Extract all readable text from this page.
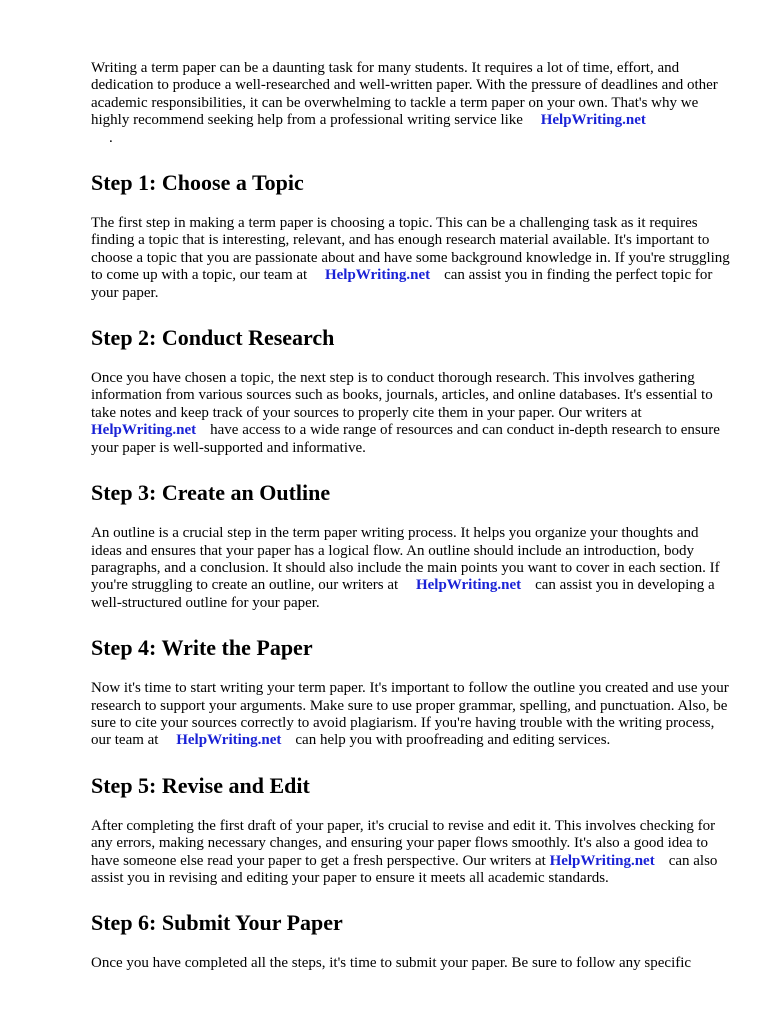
Writing a term paper can be a daunting task for many students. It requires a lot of time, effort, and dedication to produce a well-researched and well-written paper. With the pressure of deadlines and other academic responsibilities, it can be overwhelming to tackle a term paper on your own. That's why we highly recommend seeking help from a professional writing service like HelpWriting.net
.

Step 1: Choose a Topic

The first step in making a term paper is choosing a topic. This can be a challenging task as it requires finding a topic that is interesting, relevant, and has enough research material available. It's important to choose a topic that you are passionate about and have some background knowledge in. If you're struggling to come up with a topic, our team at HelpWriting.net can assist you in finding the perfect topic for your paper.

Step 2: Conduct Research

Once you have chosen a topic, the next step is to conduct thorough research. This involves gathering information from various sources such as books, journals, articles, and online databases. It's essential to take notes and keep track of your sources to properly cite them in your paper. Our writers at HelpWriting.net have access to a wide range of resources and can conduct in-depth research to ensure your paper is well-supported and informative.

Step 3: Create an Outline

An outline is a crucial step in the term paper writing process. It helps you organize your thoughts and ideas and ensures that your paper has a logical flow. An outline should include an introduction, body paragraphs, and a conclusion. It should also include the main points you want to cover in each section. If you're struggling to create an outline, our writers at HelpWriting.net can assist you in developing a well-structured outline for your paper.

Step 4: Write the Paper

Now it's time to start writing your term paper. It's important to follow the outline you created and use your research to support your arguments. Make sure to use proper grammar, spelling, and punctuation. Also, be sure to cite your sources correctly to avoid plagiarism. If you're having trouble with the writing process, our team at HelpWriting.net can help you with proofreading and editing services.

Step 5: Revise and Edit

After completing the first draft of your paper, it's crucial to revise and edit it. This involves checking for any errors, making necessary changes, and ensuring your paper flows smoothly. It's also a good idea to have someone else read your paper to get a fresh perspective. Our writers at HelpWriting.net can also assist you in revising and editing your paper to ensure it meets all academic standards.

Step 6: Submit Your Paper

Once you have completed all the steps, it's time to submit your paper. Be sure to follow any specific
